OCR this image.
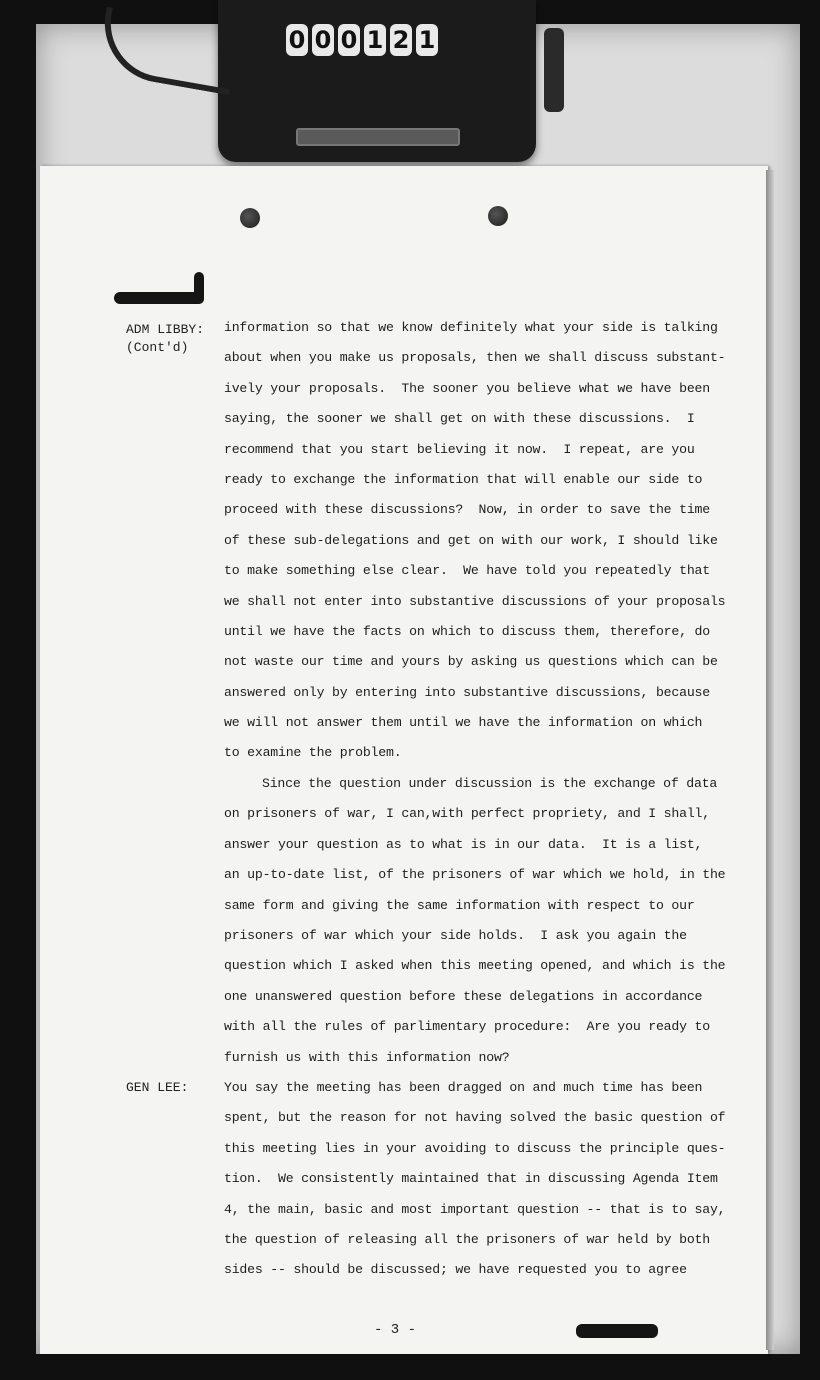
0 0 0 1 2 1
ADM LIBBY:
(Cont'd)
GEN LEE:
information so that we know definitely what your side is talking
about when you make us proposals, then we shall discuss substant-
ively your proposals.  The sooner you believe what we have been
saying, the sooner we shall get on with these discussions.  I
recommend that you start believing it now.  I repeat, are you
ready to exchange the information that will enable our side to
proceed with these discussions?  Now, in order to save the time
of these sub-delegations and get on with our work, I should like
to make something else clear.  We have told you repeatedly that
we shall not enter into substantive discussions of your proposals
until we have the facts on which to discuss them, therefore, do
not waste our time and yours by asking us questions which can be
answered only by entering into substantive discussions, because
we will not answer them until we have the information on which
to examine the problem.
Since the question under discussion is the exchange of data
on prisoners of war, I can,with perfect propriety, and I shall,
answer your question as to what is in our data.  It is a list,
an up-to-date list, of the prisoners of war which we hold, in the
same form and giving the same information with respect to our
prisoners of war which your side holds.  I ask you again the
question which I asked when this meeting opened, and which is the
one unanswered question before these delegations in accordance
with all the rules of parlimentary procedure:  Are you ready to
furnish us with this information now?
You say the meeting has been dragged on and much time has been
spent, but the reason for not having solved the basic question of
this meeting lies in your avoiding to discuss the principle ques-
tion.  We consistently maintained that in discussing Agenda Item
4, the main, basic and most important question -- that is to say,
the question of releasing all the prisoners of war held by both
sides -- should be discussed; we have requested you to agree
- 3 -
